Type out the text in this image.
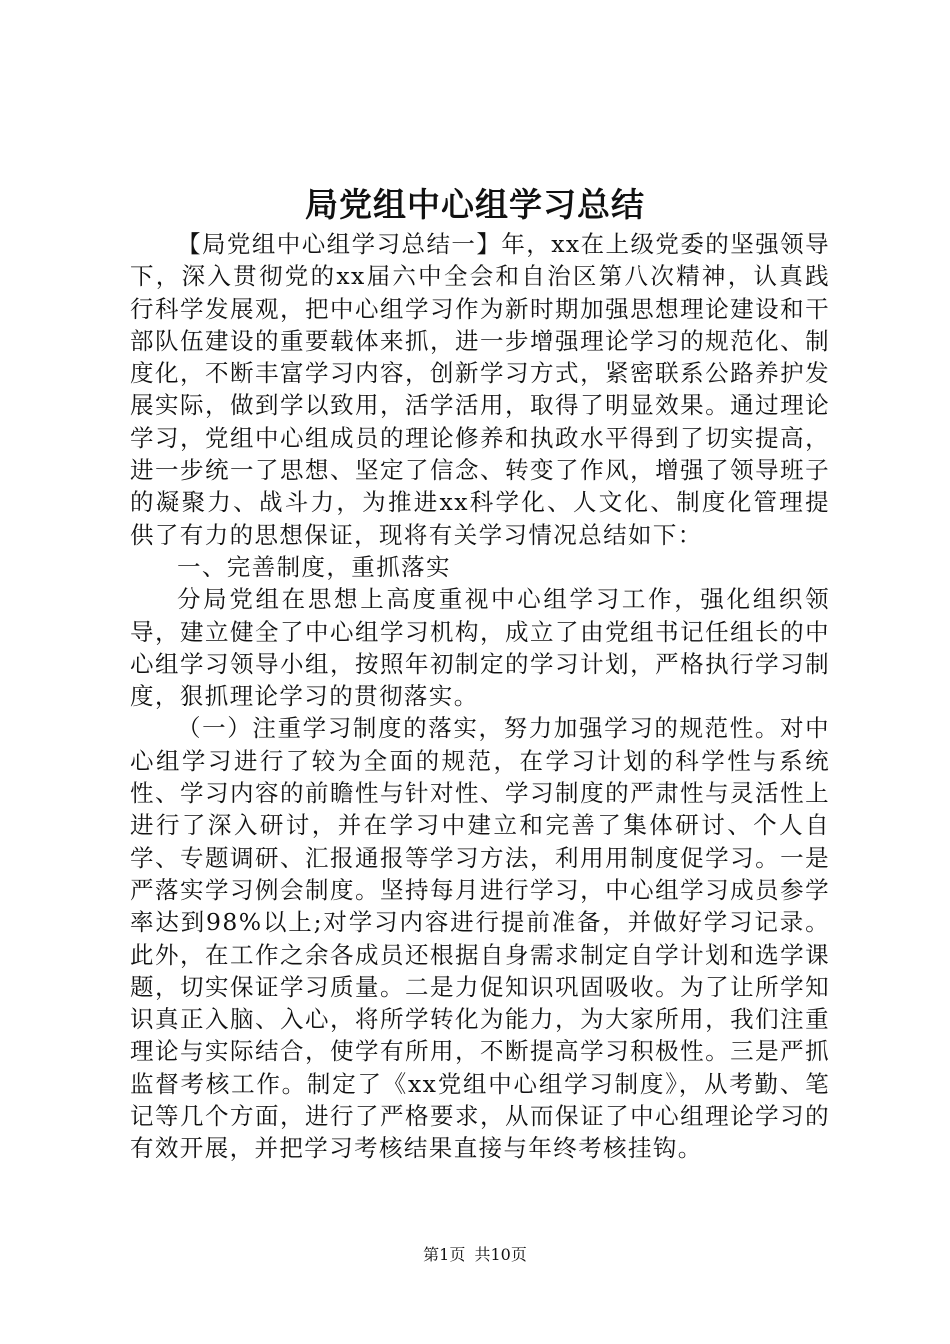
局党组中心组学习总结

【局党组中心组学习总结一】年，xx在上级党委的坚强领导下，深入贯彻党的xx届六中全会和自治区第八次精神，认真践行科学发展观，把中心组学习作为新时期加强思想理论建设和干部队伍建设的重要载体来抓，进一步增强理论学习的规范化、制度化，不断丰富学习内容，创新学习方式，紧密联系公路养护发展实际，做到学以致用，活学活用，取得了明显效果。通过理论学习，党组中心组成员的理论修养和执政水平得到了切实提高，进一步统一了思想、坚定了信念、转变了作风，增强了领导班子的凝聚力、战斗力，为推进xx科学化、人文化、制度化管理提供了有力的思想保证，现将有关学习情况总结如下：

一、完善制度，重抓落实

分局党组在思想上高度重视中心组学习工作，强化组织领导，建立健全了中心组学习机构，成立了由党组书记任组长的中心组学习领导小组，按照年初制定的学习计划，严格执行学习制度，狠抓理论学习的贯彻落实。

（一）注重学习制度的落实，努力加强学习的规范性。对中心组学习进行了较为全面的规范，在学习计划的科学性与系统性、学习内容的前瞻性与针对性、学习制度的严肃性与灵活性上进行了深入研讨，并在学习中建立和完善了集体研讨、个人自学、专题调研、汇报通报等学习方法，利用用制度促学习。一是严落实学习例会制度。坚持每月进行学习，中心组学习成员参学率达到98%以上;对学习内容进行提前准备，并做好学习记录。此外，在工作之余各成员还根据自身需求制定自学计划和选学课题，切实保证学习质量。二是力促知识巩固吸收。为了让所学知识真正入脑、入心，将所学转化为能力，为大家所用，我们注重理论与实际结合，使学有所用，不断提高学习积极性。三是严抓监督考核工作。制定了《xx党组中心组学习制度》，从考勤、笔记等几个方面，进行了严格要求，从而保证了中心组理论学习的有效开展，并把学习考核结果直接与年终考核挂钩。

第1页 共10页
